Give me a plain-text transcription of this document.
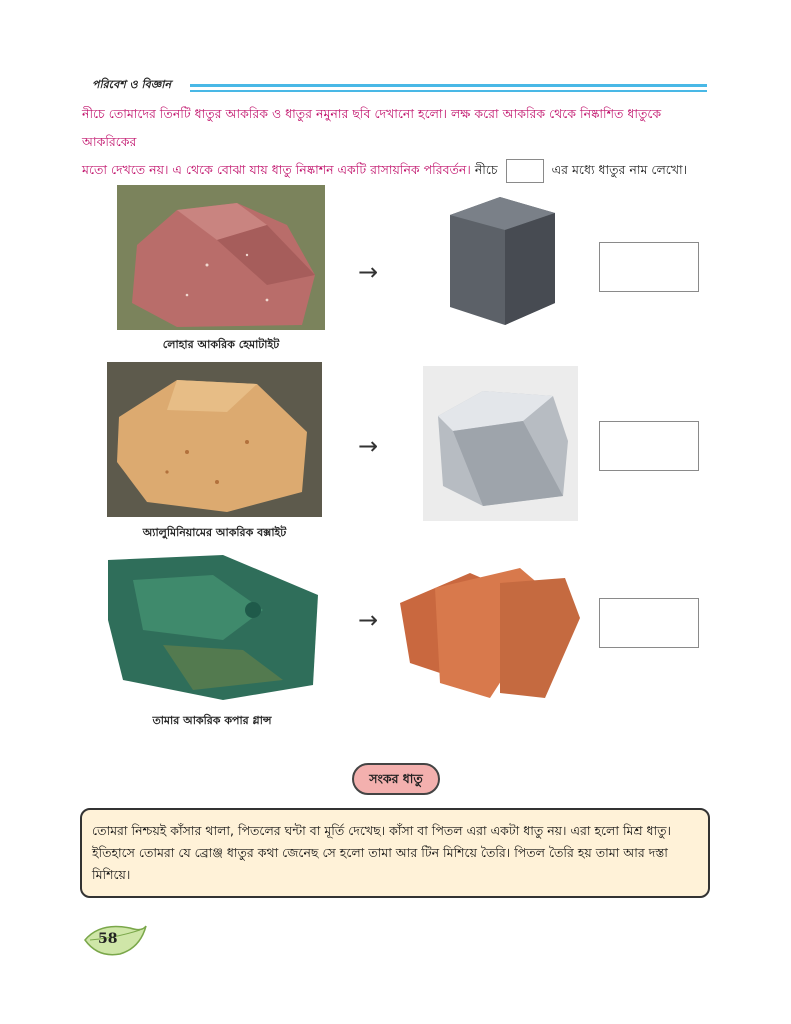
পরিবেশ ও বিজ্ঞান
নীচে তোমাদের তিনটি ধাতুর আকরিক ও ধাতুর নমুনার ছবি দেখানো হলো। লক্ষ করো আকরিক থেকে নিষ্কাশিত ধাতুকে আকরিকের
মতো দেখতে নয়। এ থেকে বোঝা যায় ধাতু নিষ্কাশন একটি রাসায়নিক পরিবর্তন। নীচে	এর মধ্যে ধাতুর নাম লেখো।
লোহার আকরিক হেমাটাইট
→
অ্যালুমিনিয়ামের আকরিক বক্সাইট
→
তামার আকরিক কপার গ্লান্স
→
সংকর ধাতু
তোমরা নিশ্চয়ই কাঁসার থালা, পিতলের ঘন্টা বা মূর্তি দেখেছ। কাঁসা বা পিতল এরা একটা ধাতু নয়। এরা হলো মিশ্র ধাতু। ইতিহাসে তোমরা যে ব্রোঞ্জ ধাতুর কথা জেনেছ সে হলো তামা আর টিন মিশিয়ে তৈরি। পিতল তৈরি হয় তামা আর দস্তা মিশিয়ে।
58
